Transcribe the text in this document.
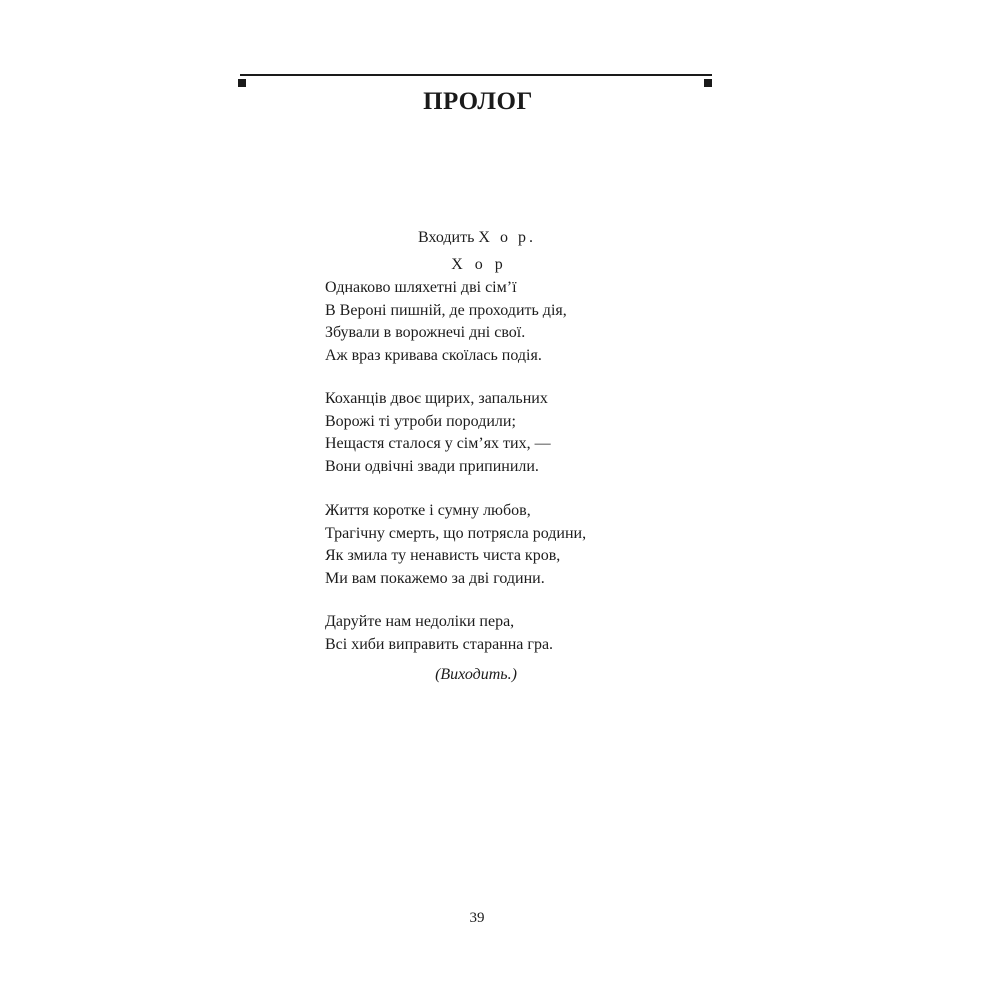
ПРОЛОГ
Входить Х о р.
Х о р
Однаково шляхетні дві сім’ї
В Вероні пишній, де проходить дія,
Збували в ворожнечі дні свої.
Аж враз кривава скоїлась подія.
Коханців двоє щирих, запальних
Ворожі ті утроби породили;
Нещастя сталося у сім’ях тих, —
Вони одвічні звади припинили.
Життя коротке і сумну любов,
Трагічну смерть, що потрясла родини,
Як змила ту ненависть чиста кров,
Ми вам покажемо за дві години.
Даруйте нам недоліки пера,
Всі хиби виправить старанна гра.
(Виходить.)
39
